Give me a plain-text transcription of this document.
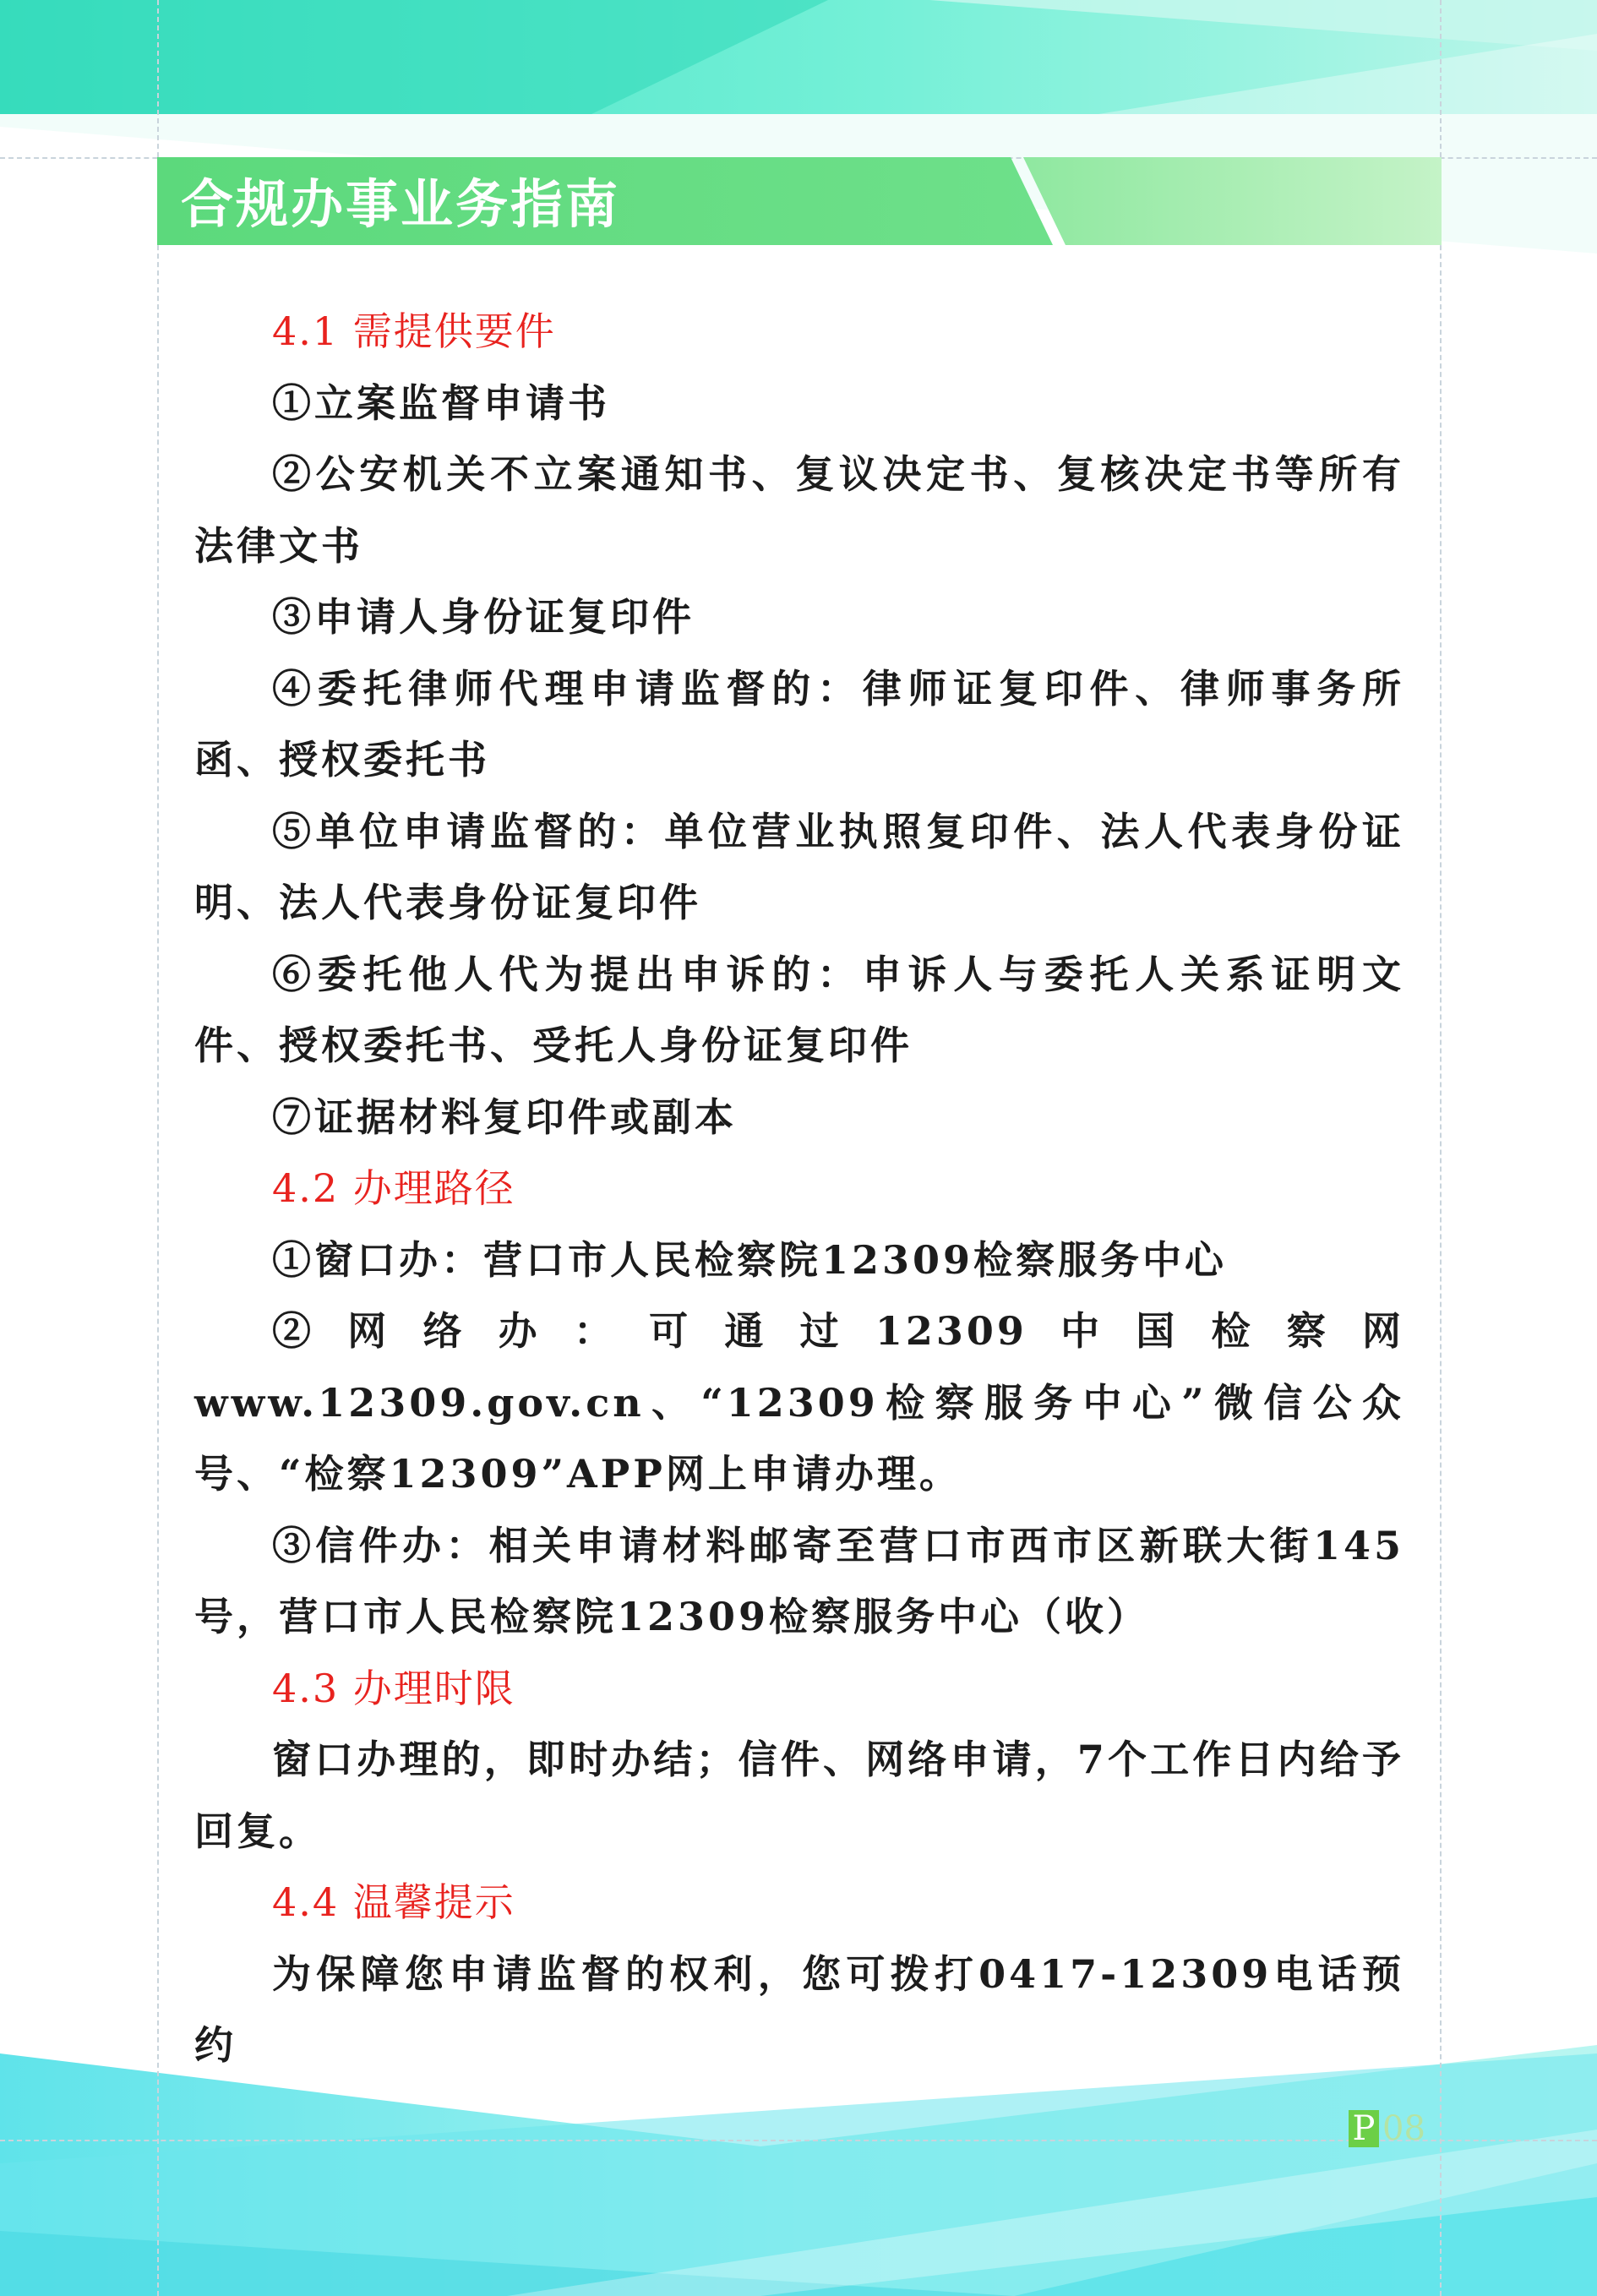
合规办事业务指南

4.1 需提供要件

①立案监督申请书

②公安机关不立案通知书、复议决定书、复核决定书等所有法律文书

③申请人身份证复印件

④委托律师代理申请监督的：律师证复印件、律师事务所函、授权委托书

⑤单位申请监督的：单位营业执照复印件、法人代表身份证明、法人代表身份证复印件

⑥委托他人代为提出申诉的：申诉人与委托人关系证明文件、授权委托书、受托人身份证复印件

⑦证据材料复印件或副本

4.2 办理路径

①窗口办：营口市人民检察院12309检察服务中心

②网络办：可通过12309中国检察网www.12309.gov.cn、“12309检察服务中心”微信公众号、“检察12309”APP网上申请办理。

③信件办：相关申请材料邮寄至营口市西市区新联大街145号，营口市人民检察院12309检察服务中心（收）

4.3 办理时限

窗口办理的，即时办结；信件、网络申请，7个工作日内给予回复。

4.4 温馨提示

为保障您申请监督的权利，您可拨打0417-12309电话预约

P 08
